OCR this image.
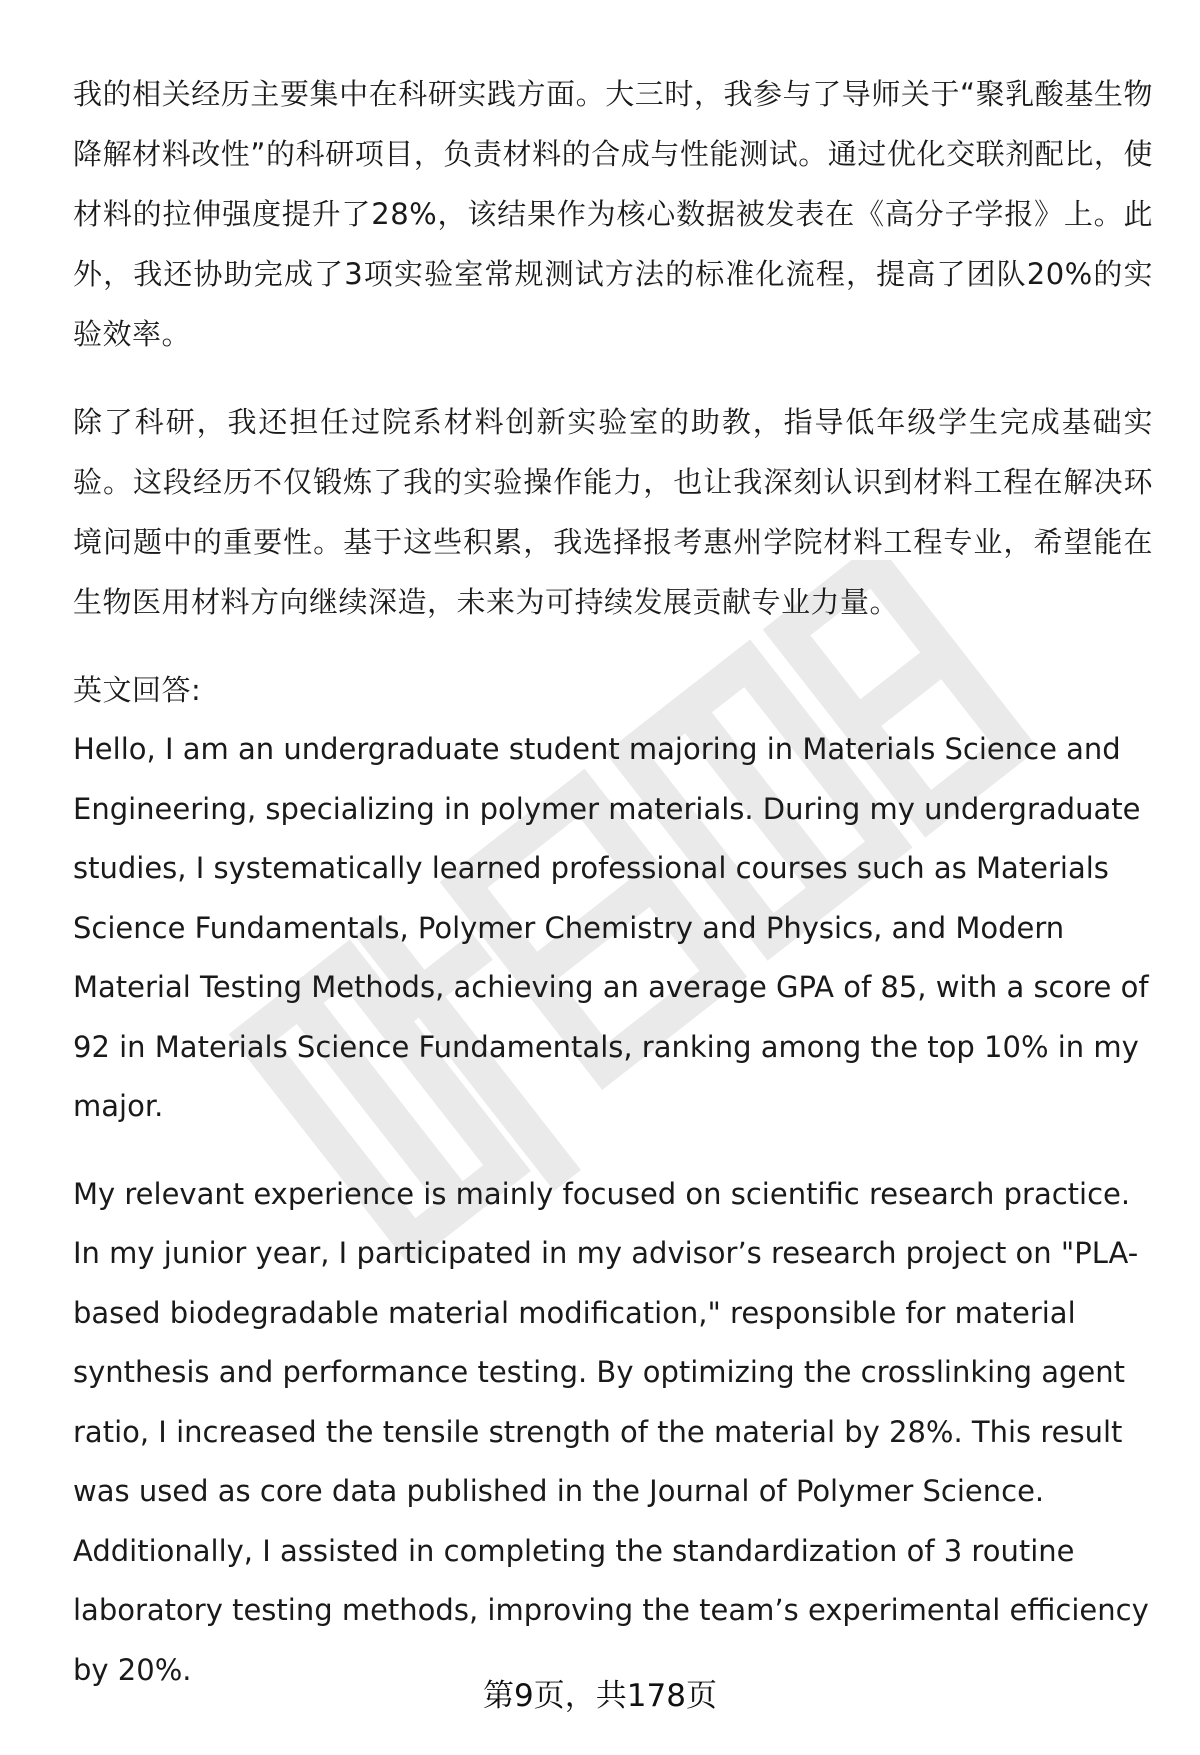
我的相关经历主要集中在科研实践方面。大三时，我参与了导师关于“聚乳酸基生物降解材料改性”的科研项目，负责材料的合成与性能测试。通过优化交联剂配比，使材料的拉伸强度提升了28%，该结果作为核心数据被发表在《高分子学报》上。此外，我还协助完成了3项实验室常规测试方法的标准化流程，提高了团队20%的实验效率。

除了科研，我还担任过院系材料创新实验室的助教，指导低年级学生完成基础实验。这段经历不仅锻炼了我的实验操作能力，也让我深刻认识到材料工程在解决环境问题中的重要性。基于这些积累，我选择报考惠州学院材料工程专业，希望能在生物医用材料方向继续深造，未来为可持续发展贡献专业力量。

英文回答:

Hello, I am an undergraduate student majoring in Materials Science and Engineering, specializing in polymer materials. During my undergraduate studies, I systematically learned professional courses such as Materials Science Fundamentals, Polymer Chemistry and Physics, and Modern Material Testing Methods, achieving an average GPA of 85, with a score of 92 in Materials Science Fundamentals, ranking among the top 10% in my major.

My relevant experience is mainly focused on scientific research practice. In my junior year, I participated in my advisor’s research project on "PLA-based biodegradable material modification," responsible for material synthesis and performance testing. By optimizing the crosslinking agent ratio, I increased the tensile strength of the material by 28%. This result was used as core data published in the Journal of Polymer Science. Additionally, I assisted in completing the standardization of 3 routine laboratory testing methods, improving the team’s experimental efficiency by 20%.

第9页，共178页
